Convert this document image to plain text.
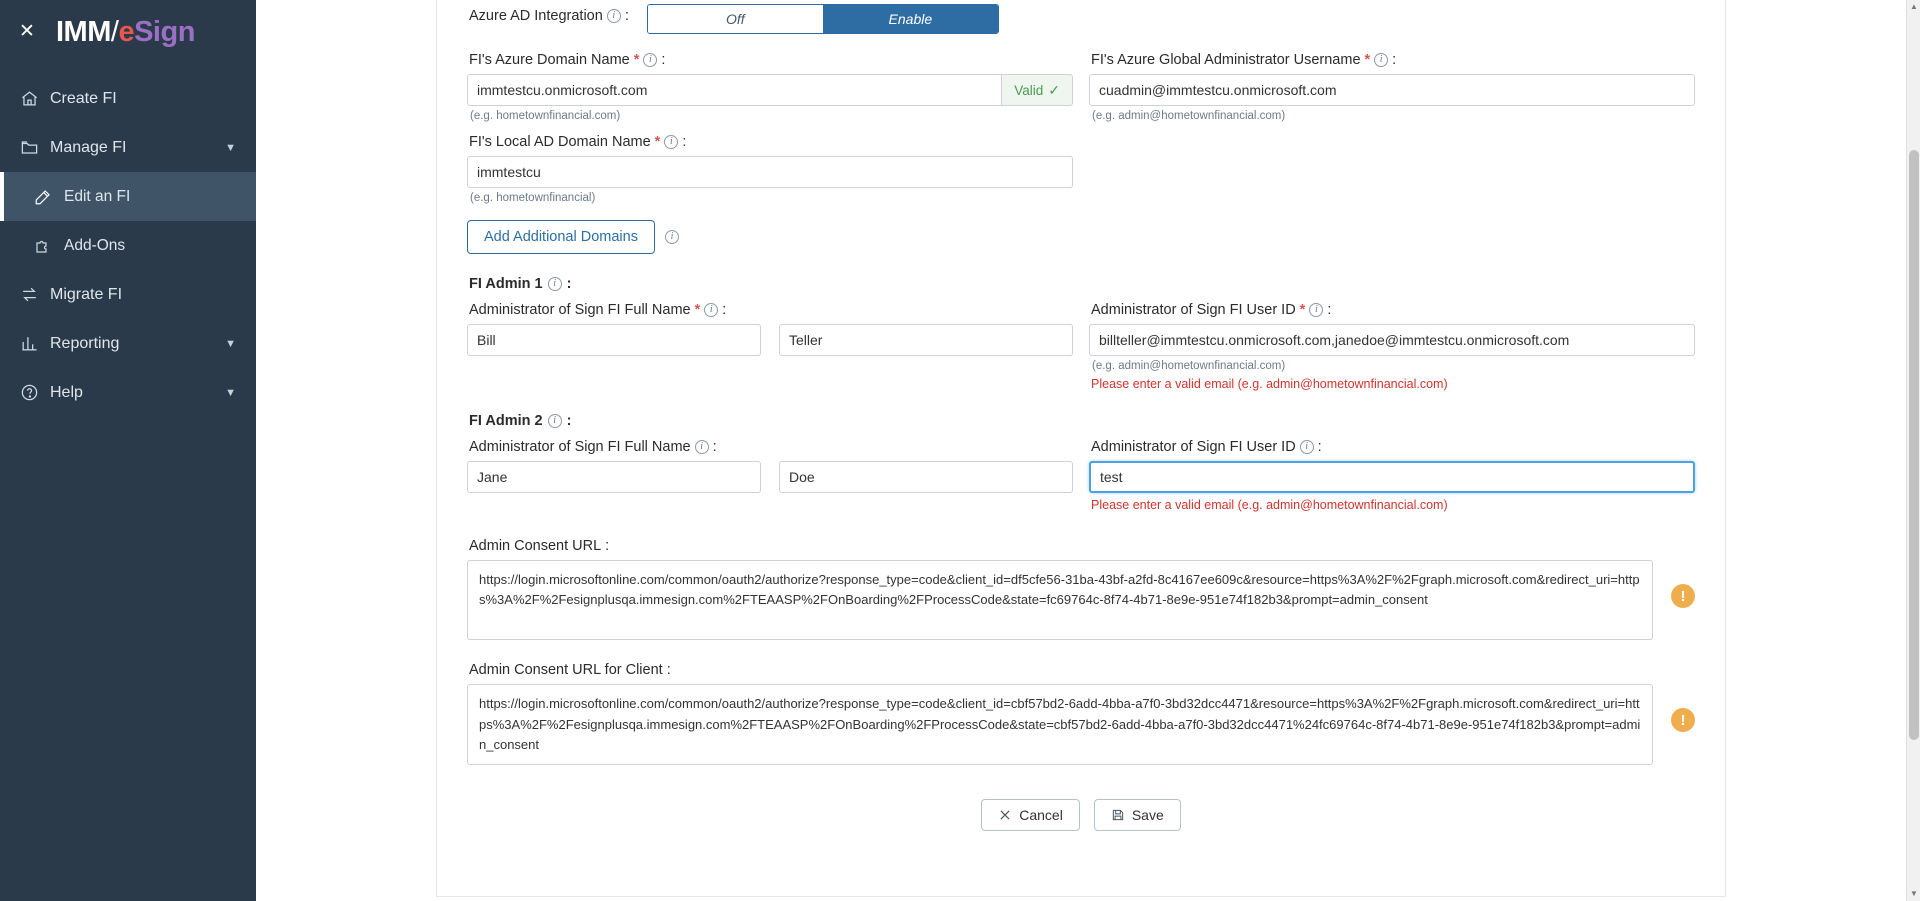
✕ IMM/eSign
Create FI
Manage FI	▼
Edit an FI
Add-Ons
Migrate FI
Reporting	▼
Help	▼
Azure AD Integration i :	Off	Enable
FI's Azure Domain Name * i :
immtestcu.onmicrosoft.com
Valid ✓
(e.g. hometownfinancial.com)
FI's Azure Global Administrator Username * i :
cuadmin@immtestcu.onmicrosoft.com
(e.g. admin@hometownfinancial.com)
FI's Local AD Domain Name * i :
immtestcu
(e.g. hometownfinancial)
Add Additional Domains	i
FI Admin 1	i :
Administrator of Sign FI Full Name * i :
Bill
Teller	Administrator of Sign FI User ID * i :
billteller@immtestcu.onmicrosoft.com,janedoe@immtestcu.onmicrosoft.com
(e.g. admin@hometownfinancial.com)
Please enter a valid email (e.g. admin@hometownfinancial.com)
FI Admin 2	i :
Administrator of Sign FI Full Name i :
Jane
Doe	Administrator of Sign FI User ID i :
test
Please enter a valid email (e.g. admin@hometownfinancial.com)
Admin Consent URL :
https://login.microsoftonline.com/common/oauth2/authorize?response_type=code&client_id=df5cfe56-31ba-43bf-a2fd-8c4167ee609c&resource=https%3A%2F%2Fgraph.microsoft.com&redirect_uri=https%3A%2F%2Fesignplusqa.immesign.com%2FTEAASP%2FOnBoarding%2FProcessCode&state=fc69764c-8f74-4b71-8e9e-951e74f182b3&prompt=admin_consent
!
Admin Consent URL for Client :
https://login.microsoftonline.com/common/oauth2/authorize?response_type=code&client_id=cbf57bd2-6add-4bba-a7f0-3bd32dcc4471&resource=https%3A%2F%2Fgraph.microsoft.com&redirect_uri=https%3A%2F%2Fesignplusqa.immesign.com%2FTEAASP%2FOnBoarding%2FProcessCode&state=cbf57bd2-6add-4bba-a7f0-3bd32dcc4471%24fc69764c-8f74-4b71-8e9e-951e74f182b3&prompt=admin_consent
!
Cancel	Save
▲
▼
